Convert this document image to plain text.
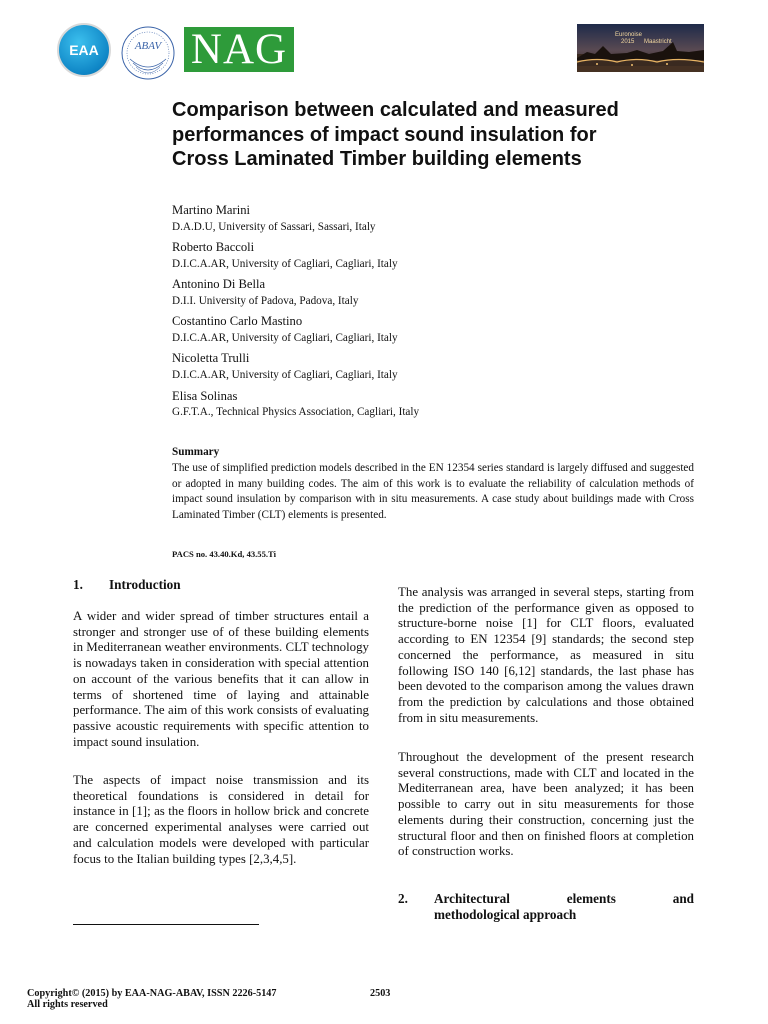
EAA	ABAV NAG	Euronoise
2015 Maastricht
Comparison between calculated and measured
performances of impact sound insulation for
Cross Laminated Timber building elements
Martino Marini
D.A.D.U, University of Sassari, Sassari, Italy
Roberto Baccoli
D.I.C.A.AR, University of Cagliari, Cagliari, Italy
Antonino Di Bella
D.I.I. University of Padova, Padova, Italy
Costantino Carlo Mastino
D.I.C.A.AR, University of Cagliari, Cagliari, Italy
Nicoletta Trulli
D.I.C.A.AR, University of Cagliari, Cagliari, Italy
Elisa Solinas
G.F.T.A., Technical Physics Association, Cagliari, Italy
Summary

The use of simplified prediction models described in the EN 12354 series standard is largely diffused and suggested or adopted in many building codes. The aim of this work is to evaluate the reliability of calculation methods of impact sound insulation by comparison with in situ measurements. A case study about buildings made with Cross Laminated Timber (CLT) elements is presented.

PACS no. 43.40.Kd, 43.55.Ti
1. Introduction

A wider and wider spread of timber structures entail a stronger and stronger use of of these building elements in Mediterranean weather environments. CLT technology is nowadays taken in consideration with special attention on account of the various benefits that it can allow in terms of shortened time of laying and attainable performance. The aim of this work consists of evaluating passive acoustic requirements with specific attention to impact sound insulation.

The aspects of impact noise transmission and its theoretical foundations is considered in detail for instance in [1]; as the floors in hollow brick and concrete are concerned experimental analyses were carried out and calculation models were developed with particular focus to the Italian building types [2,3,4,5].

The analysis was arranged in several steps, starting from the prediction of the performance given as opposed to structure-borne noise [1] for CLT floors, evaluated according to EN 12354 [9] standards; the second step concerned the performance, as measured in situ following ISO 140 [6,12] standards, the last phase has been devoted to the comparison among the values drawn from the prediction by calculations and those obtained from in situ measurements.

Throughout the development of the present research several constructions, made with CLT and located in the Mediterranean area, have been analyzed; it has been possible to carry out in situ measurements for those elements during their construction, concerning just the structural floor and then on finished floors at completion of construction works.

2. Architectural elements and
methodological approach
Copyright© (2015) by EAA-NAG-ABAV, ISSN 2226-5147
All rights reserved
2503
